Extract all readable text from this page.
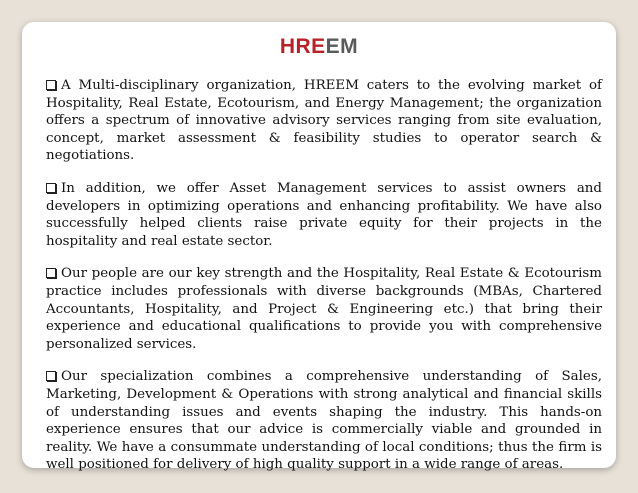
HREEM

A Multi-disciplinary organization, HREEM caters to the evolving market of Hospitality, Real Estate, Ecotourism, and Energy Management; the organization offers a spectrum of innovative advisory services ranging from site evaluation, concept, market assessment & feasibility studies to operator search & negotiations.

In addition, we offer Asset Management services to assist owners and developers in optimizing operations and enhancing profitability. We have also successfully helped clients raise private equity for their projects in the hospitality and real estate sector.

Our people are our key strength and the Hospitality, Real Estate & Ecotourism practice includes professionals with diverse backgrounds (MBAs, Chartered Accountants, Hospitality, and Project & Engineering etc.) that bring their experience and educational qualifications to provide you with comprehensive personalized services.

Our specialization combines a comprehensive understanding of Sales, Marketing, Development & Operations with strong analytical and financial skills of understanding issues and events shaping the industry. This hands-on experience ensures that our advice is commercially viable and grounded in reality. We have a consummate understanding of local conditions; thus the firm is well positioned for delivery of high quality support in a wide range of areas.
